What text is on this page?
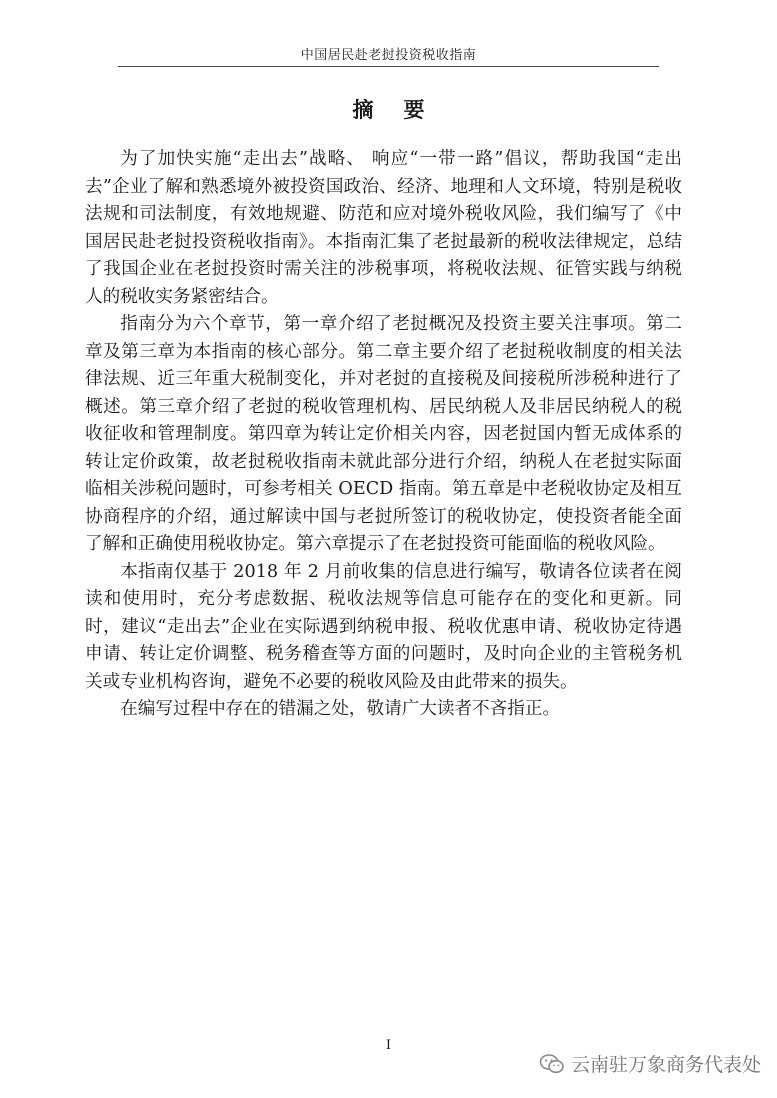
中国居民赴老挝投资税收指南
摘要

为了加快实施“走出去”战略、 响应“一带一路”倡议，帮助我国“走出去”企业了解和熟悉境外被投资国政治、经济、地理和人文环境，特别是税收法规和司法制度，有效地规避、防范和应对境外税收风险，我们编写了《中国居民赴老挝投资税收指南》。本指南汇集了老挝最新的税收法律规定，总结了我国企业在老挝投资时需关注的涉税事项，将税收法规、征管实践与纳税人的税收实务紧密结合。

指南分为六个章节，第一章介绍了老挝概况及投资主要关注事项。第二章及第三章为本指南的核心部分。第二章主要介绍了老挝税收制度的相关法律法规、近三年重大税制变化，并对老挝的直接税及间接税所涉税种进行了概述。第三章介绍了老挝的税收管理机构、居民纳税人及非居民纳税人的税收征收和管理制度。第四章为转让定价相关内容，因老挝国内暂无成体系的转让定价政策，故老挝税收指南未就此部分进行介绍，纳税人在老挝实际面临相关涉税问题时，可参考相关 OECD 指南。第五章是中老税收协定及相互协商程序的介绍，通过解读中国与老挝所签订的税收协定，使投资者能全面了解和正确使用税收协定。第六章提示了在老挝投资可能面临的税收风险。

本指南仅基于 2018 年 2 月前收集的信息进行编写，敬请各位读者在阅读和使用时，充分考虑数据、税收法规等信息可能存在的变化和更新。同时，建议“走出去”企业在实际遇到纳税申报、税收优惠申请、税收协定待遇申请、转让定价调整、税务稽查等方面的问题时，及时向企业的主管税务机关或专业机构咨询，避免不必要的税收风险及由此带来的损失。

在编写过程中存在的错漏之处，敬请广大读者不吝指正。

I
云南驻万象商务代表处
